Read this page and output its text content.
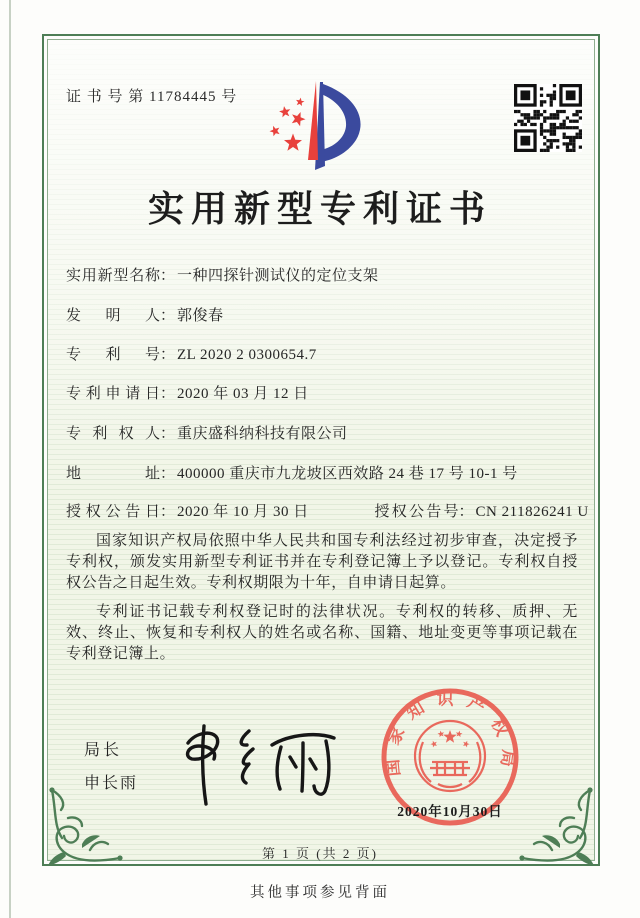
证 书 号 第 11784445 号
实用新型专利证书
实用新型名称： 一种四探针测试仪的定位支架
发明人： 郭俊春
专利号： ZL 2020 2 0300654.7
专利申请日： 2020 年 03 月 12 日
专利权人： 重庆盛科纳科技有限公司
地址： 400000 重庆市九龙坡区西效路 24 巷 17 号 10-1 号
授权公告日： 2020 年 10 月 30 日	授权公告号： CN 211826241 U

国家知识产权局依照中华人民共和国专利法经过初步审查，决定授予专利权，颁发实用新型专利证书并在专利登记簿上予以登记。专利权自授权公告之日起生效。专利权期限为十年，自申请日起算。

专利证书记载专利权登记时的法律状况。专利权的转移、质押、无效、终止、恢复和专利权人的姓名或名称、国籍、地址变更等事项记载在专利登记簿上。

局长
申长雨
国家知识产权局
2020年10月30日
第 1 页 (共 2 页)
其他事项参见背面
